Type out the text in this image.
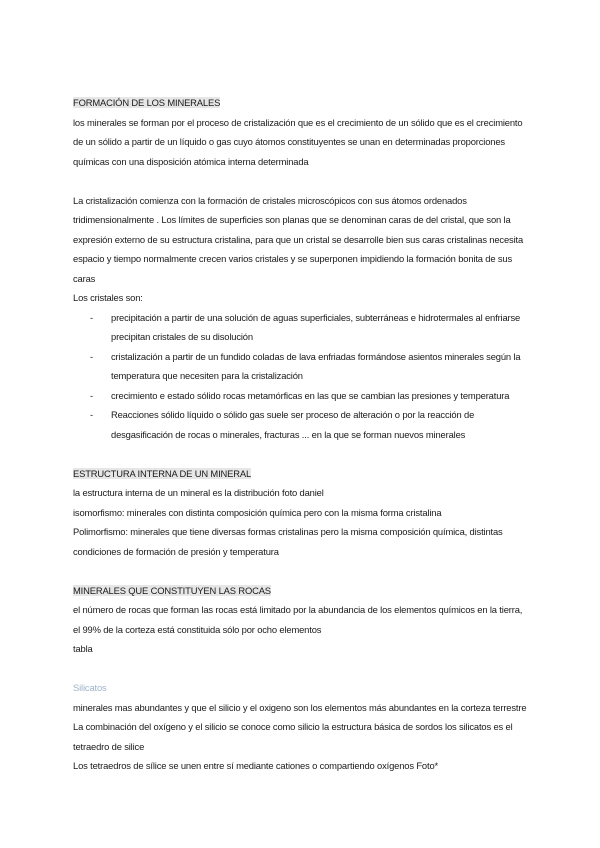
FORMACIÓN DE LOS MINERALES

los minerales se forman por el proceso de cristalización que es el crecimiento de un sólido que es el crecimiento de un sólido a partir de un líquido o gas cuyo átomos constituyentes se unan en determinadas proporciones químicas con una disposición atómica interna determinada

La cristalización comienza con la formación de cristales microscópicos con sus átomos ordenados tridimensionalmente . Los límites de superficies son planas que se denominan caras de del cristal, que son la expresión externo de su estructura cristalina, para que un cristal se desarrolle bien sus caras cristalinas necesita espacio y tiempo normalmente crecen varios cristales y se superponen impidiendo la formación bonita de sus caras

Los cristales son:

- precipitación a partir de una solución de aguas superficiales, subterráneas e hidrotermales al enfriarse precipitan cristales de su disolución
- cristalización a partir de un fundido coladas de lava enfriadas formándose asientos minerales según la temperatura que necesiten para la cristalización
- crecimiento e estado sólido rocas metamórficas en las que se cambian las presiones y temperatura
- Reacciones sólido líquido o sólido gas suele ser proceso de alteración o por la reacción de desgasificación de rocas o minerales, fracturas ... en la que se forman nuevos minerales

ESTRUCTURA INTERNA DE UN MINERAL

la estructura interna de un mineral es la distribución foto daniel

isomorfismo: minerales con distinta composición química pero con la misma forma cristalina

Polimorfismo: minerales que tiene diversas formas cristalinas pero la misma composición química, distintas condiciones de formación de presión y temperatura

MINERALES QUE CONSTITUYEN LAS ROCAS

el número de rocas que forman las rocas está limitado por la abundancia de los elementos químicos en la tierra, el 99% de la corteza está constituida sólo por ocho elementos

tabla

Silicatos

minerales mas abundantes y que el silicio y el oxigeno son los elementos más abundantes en la corteza terrestre

La combinación del oxígeno y el silicio se conoce como silicio la estructura básica de sordos los silicatos es el tetraedro de silice

Los tetraedros de sílice se unen entre sí mediante cationes o compartiendo oxígenos Foto*
